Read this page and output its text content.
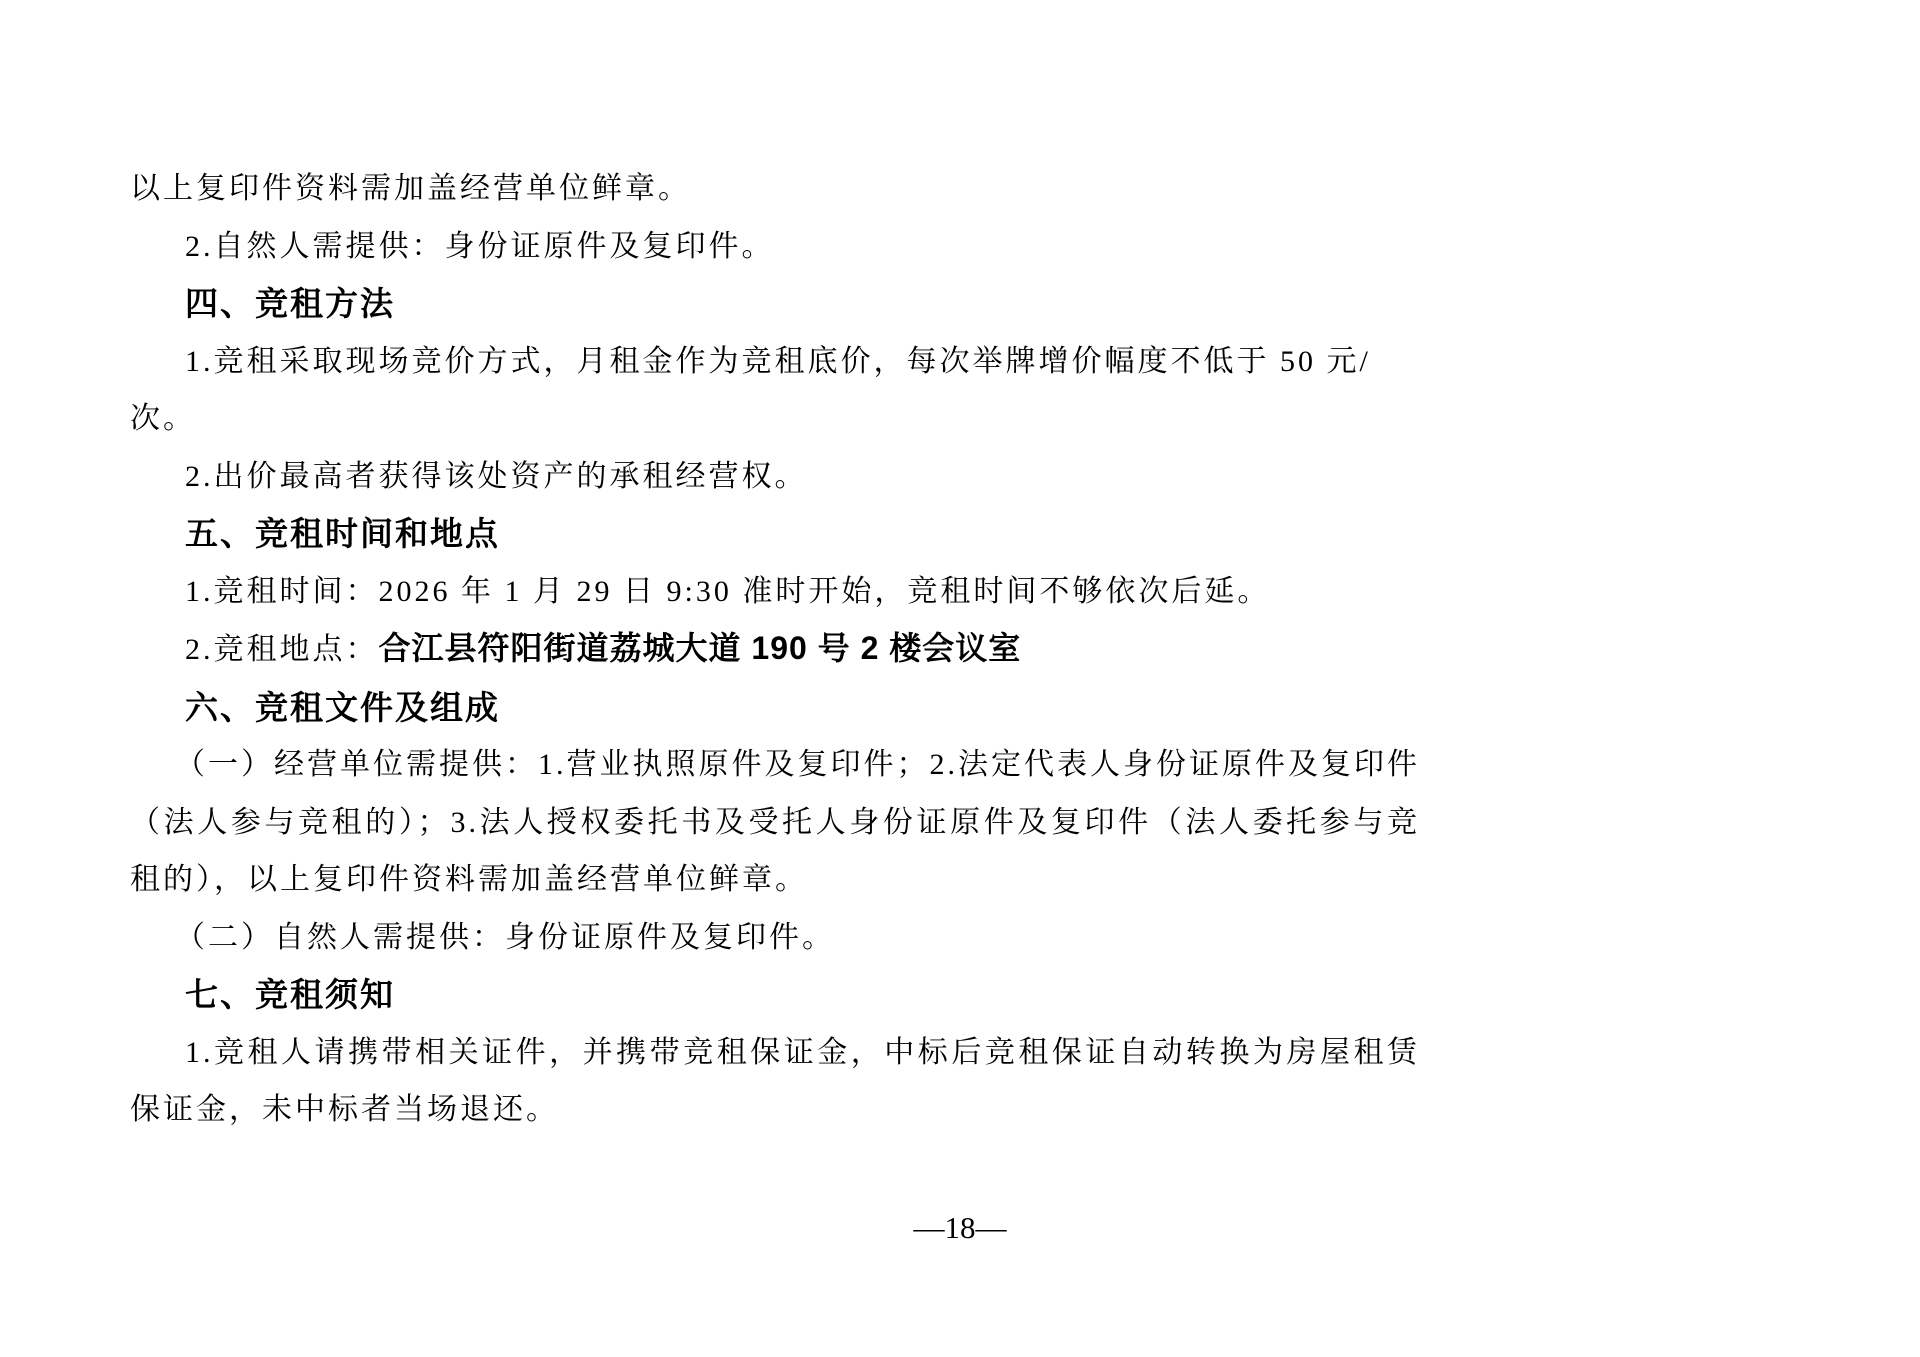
以上复印件资料需加盖经营单位鲜章。

2.自然人需提供：身份证原件及复印件。

四、竞租方法

1.竞租采取现场竞价方式，月租金作为竞租底价，每次举牌增价幅度不低于 50 元/次。

2.出价最高者获得该处资产的承租经营权。

五、竞租时间和地点

1.竞租时间：2026 年 1 月 29 日 9:30 准时开始，竞租时间不够依次后延。

2.竞租地点：合江县符阳街道荔城大道 190 号 2 楼会议室

六、竞租文件及组成

（一）经营单位需提供：1.营业执照原件及复印件；2.法定代表人身份证原件及复印件（法人参与竞租的）；3.法人授权委托书及受托人身份证原件及复印件（法人委托参与竞租的），以上复印件资料需加盖经营单位鲜章。

（二）自然人需提供：身份证原件及复印件。

七、竞租须知

1.竞租人请携带相关证件，并携带竞租保证金，中标后竞租保证自动转换为房屋租赁保证金，未中标者当场退还。

—18—
